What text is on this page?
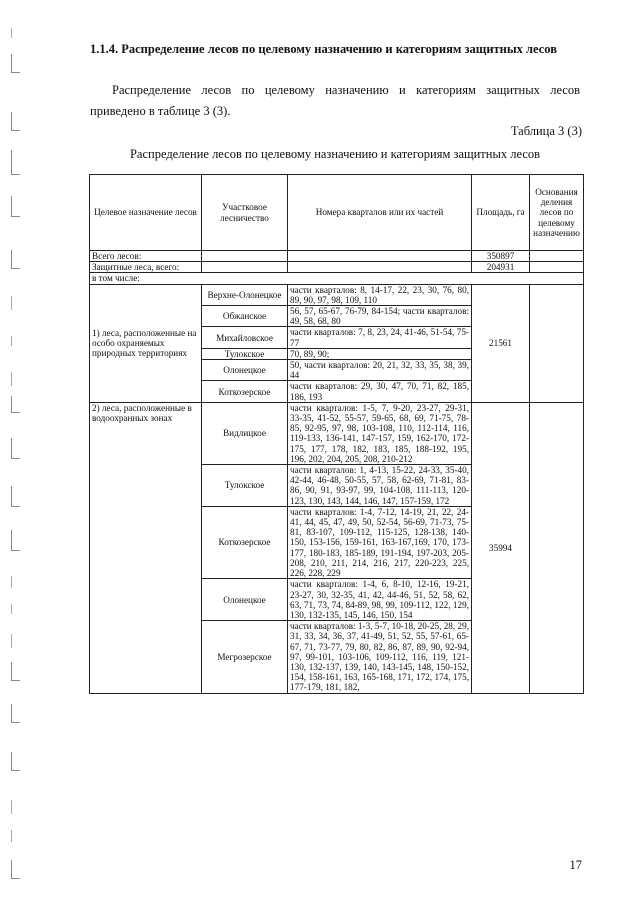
1.1.4. Распределение лесов по целевому назначению и категориям защитных лесов
Распределение лесов по целевому назначению и категориям защитных лесов приведено в таблице 3 (3).
Таблица 3 (3)
Распределение лесов по целевому назначению и категориям защитных лесов
Целевое назначение лесов	Участковое лесничество	Номера кварталов или их частей	Площадь, га	Основания деления лесов по целевому назначению
Всего лесов:			350897	
Защитные леса, всего:			204931	
в том числе:				
1) леса, расположенные на особо охраняемых природных территориях	Верхне-Олонецкое	части кварталов: 8, 14-17, 22, 23, 30, 76, 80, 89, 90, 97, 98, 109, 110	21561	
	Обжанское	56, 57, 65-67, 76-79, 84-154; части кварталов: 49, 58, 68, 80		
	Михайловское	части кварталов: 7, 8, 23, 24, 41-46, 51-54, 75-77		
	Тулокское	70, 89, 90;		
	Олонецкое	50, части кварталов: 20, 21, 32, 33, 35, 38, 39, 44		
	Коткозерское	части кварталов: 29, 30, 47, 70, 71, 82, 185, 186, 193		
2) леса, расположенные в водоохранных зонах	Видлицкое	части кварталов: 1-5, 7, 9-20, 23-27, 29-31, 33-35, 41-52, 55-57, 59-65, 68, 69, 71-75, 78-85, 92-95, 97, 98, 103-108, 110, 112-114, 116, 119-133, 136-141, 147-157, 159, 162-170, 172-175, 177, 178, 182, 183, 185, 188-192, 195, 196, 202, 204, 205, 208, 210-212	35994	
	Тулокское	части кварталов: 1, 4-13, 15-22, 24-33, 35-40, 42-44, 46-48, 50-55, 57, 58, 62-69, 71-81, 83-86, 90, 91, 93-97, 99, 104-108, 111-113, 120-123, 130, 143, 144, 146, 147, 157-159, 172		
	Коткозерское	части кварталов: 1-4, 7-12, 14-19, 21, 22, 24-41, 44, 45, 47, 49, 50, 52-54, 56-69, 71-73, 75-81, 83-107, 109-112, 115-125, 128-138, 140-150, 153-156, 159-161, 163-167,169, 170, 173-177, 180-183, 185-189, 191-194, 197-203, 205-208, 210, 211, 214, 216, 217, 220-223, 225, 226, 228, 229		
	Олонецкое	части кварталов: 1-4, 6, 8-10, 12-16, 19-21, 23-27, 30, 32-35, 41, 42, 44-46, 51, 52, 58, 62, 63, 71, 73, 74, 84-89, 98, 99, 109-112, 122, 129, 130, 132-135, 145, 146, 150, 154		
	Мегрозерское	части кварталов: 1-3, 5-7, 10-18, 20-25, 28, 29, 31, 33, 34, 36, 37, 41-49, 51, 52, 55, 57-61, 65-67, 71, 73-77, 79, 80, 82, 86, 87, 89, 90, 92-94, 97, 99-101, 103-106, 109-112, 116, 119, 121-130, 132-137, 139, 140, 143-145, 148, 150-152, 154, 158-161, 163, 165-168, 171, 172, 174, 175, 177-179, 181, 182,		
17
